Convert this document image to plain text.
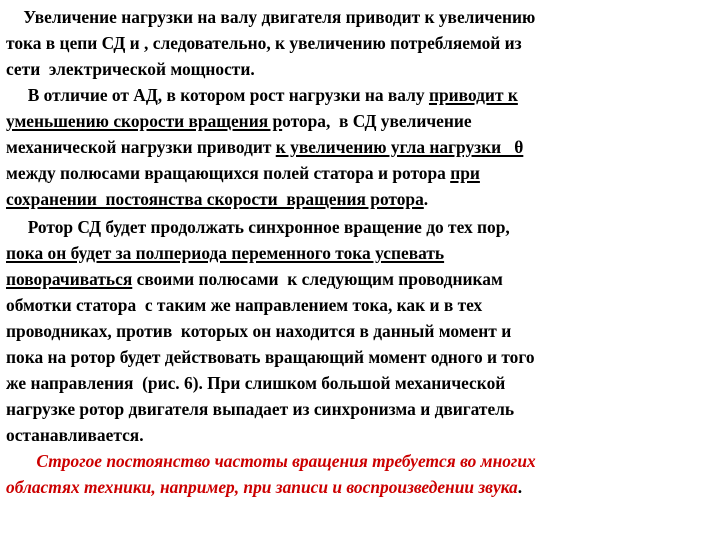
Увеличение нагрузки на валу двигателя приводит к увеличению
тока в цепи СД и , следовательно, к увеличению потребляемой из
сети  электрической мощности.
В отличие от АД, в котором рост нагрузки на валу приводит к
уменьшению скорости вращения ротора,  в СД увеличение
механической нагрузки приводит к увеличению угла нагрузки   θ
между полюсами вращающихся полей статора и ротора при
сохранении  постоянства скорости  вращения ротора.
Ротор СД будет продолжать синхронное вращение до тех пор,
пока он будет за полпериода переменного тока успевать
поворачиваться своими полюсами  к следующим проводникам
обмотки статора  с таким же направлением тока, как и в тех
проводниках, против  которых он находится в данный момент и
пока на ротор будет действовать вращающий момент одного и того
же направления  (рис. 6). При слишком большой механической
нагрузке ротор двигателя выпадает из синхронизма и двигатель
останавливается.
Строгое постоянство частоты вращения требуется во многих
областях техники, например, при записи и воспроизведении звука.
